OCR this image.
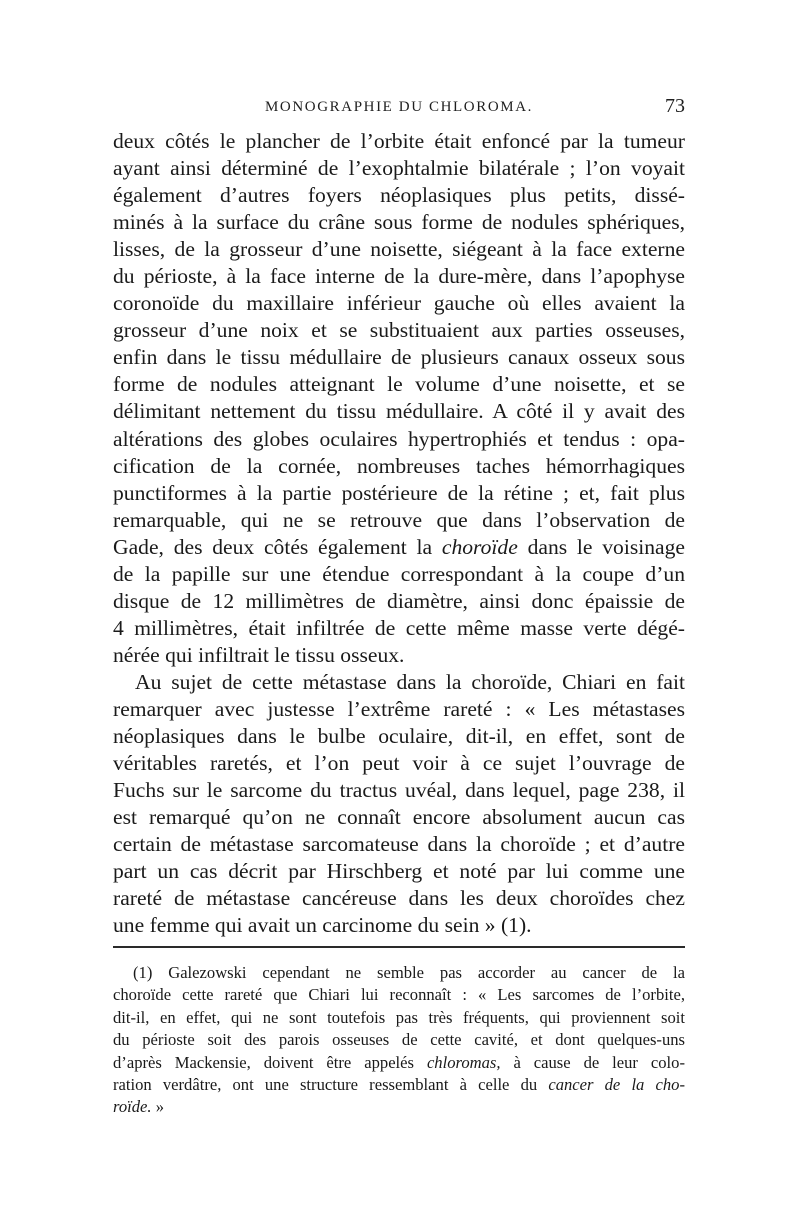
MONOGRAPHIE DU CHLOROMA.	73
deux côtés le plancher de l’orbite était enfoncé par la tumeur
ayant ainsi déterminé de l’exophtalmie bilatérale ; l’on voyait
également d’autres foyers néoplasiques plus petits, dissé-
minés à la surface du crâne sous forme de nodules sphériques,
lisses, de la grosseur d’une noisette, siégeant à la face externe
du périoste, à la face interne de la dure-mère, dans l’apophyse
coronoïde du maxillaire inférieur gauche où elles avaient la
grosseur d’une noix et se substituaient aux parties osseuses,
enfin dans le tissu médullaire de plusieurs canaux osseux sous
forme de nodules atteignant le volume d’une noisette, et se
délimitant nettement du tissu médullaire. A côté il y avait des
altérations des globes oculaires hypertrophiés et tendus : opa-
cification de la cornée, nombreuses taches hémorrhagiques
punctiformes à la partie postérieure de la rétine ; et, fait plus
remarquable, qui ne se retrouve que dans l’observation de
Gade, des deux côtés également la choroïde dans le voisinage
de la papille sur une étendue correspondant à la coupe d’un
disque de 12 millimètres de diamètre, ainsi donc épaissie de
4 millimètres, était infiltrée de cette même masse verte dégé-
nérée qui infiltrait le tissu osseux.
Au sujet de cette métastase dans la choroïde, Chiari en fait
remarquer avec justesse l’extrême rareté : « Les métastases
néoplasiques dans le bulbe oculaire, dit-il, en effet, sont de
véritables raretés, et l’on peut voir à ce sujet l’ouvrage de
Fuchs sur le sarcome du tractus uvéal, dans lequel, page 238, il
est remarqué qu’on ne connaît encore absolument aucun cas
certain de métastase sarcomateuse dans la choroïde ; et d’autre
part un cas décrit par Hirschberg et noté par lui comme une
rareté de métastase cancéreuse dans les deux choroïdes chez
une femme qui avait un carcinome du sein » (1).
(1) Galezowski cependant ne semble pas accorder au cancer de la
choroïde cette rareté que Chiari lui reconnaît : « Les sarcomes de l’orbite,
dit-il, en effet, qui ne sont toutefois pas très fréquents, qui proviennent soit
du périoste soit des parois osseuses de cette cavité, et dont quelques-uns
d’après Mackensie, doivent être appelés chloromas, à cause de leur colo-
ration verdâtre, ont une structure ressemblant à celle du cancer de la cho-
roïde. »
